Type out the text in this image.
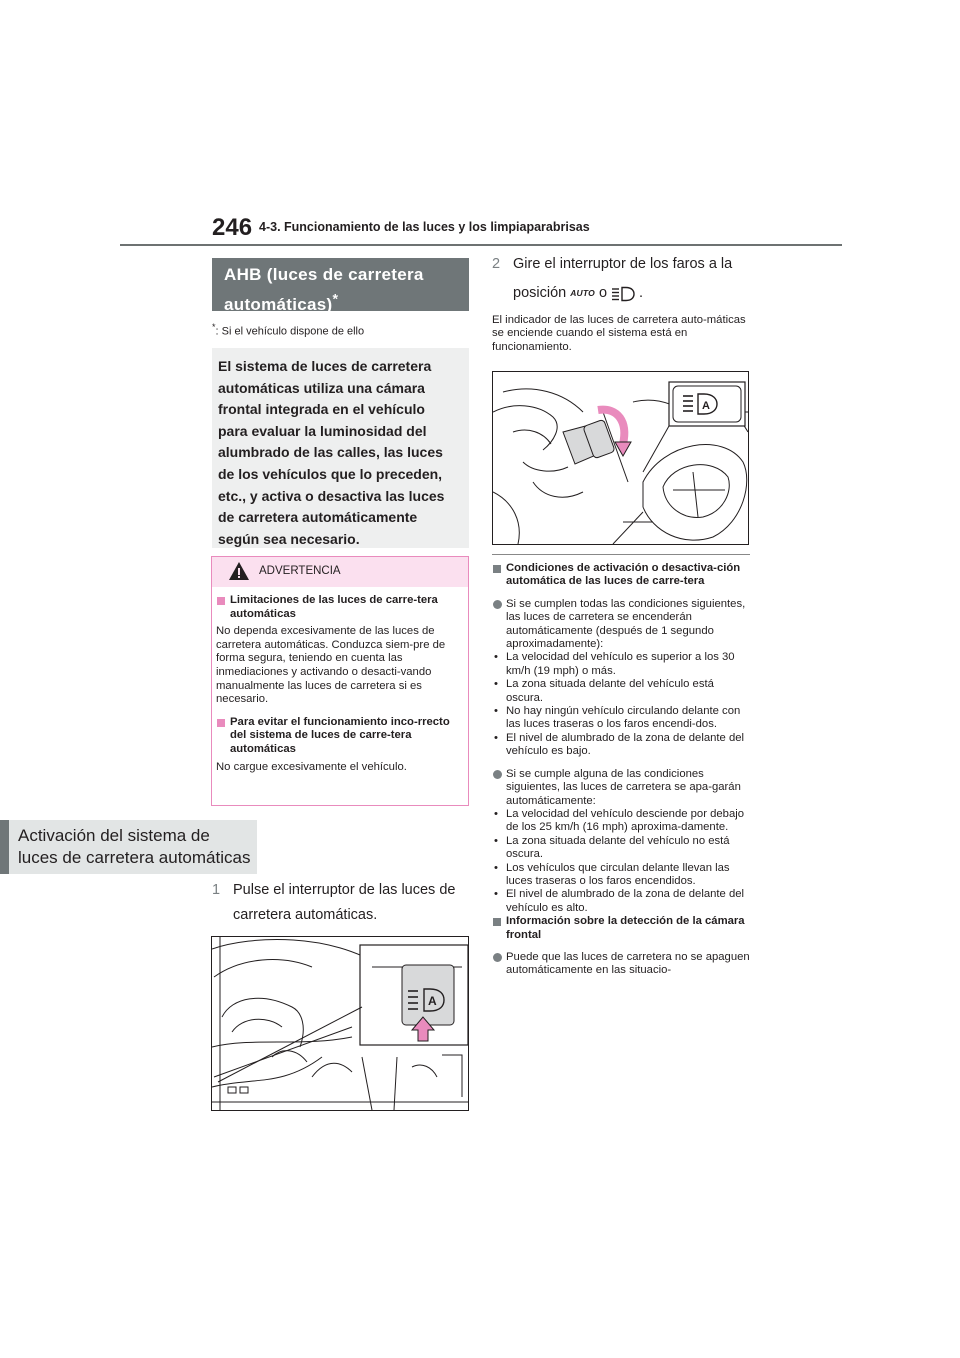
246 4-3. Funcionamiento de las luces y los limpiaparabrisas
AHB (luces de carretera
automáticas)*
*: Si el vehículo dispone de ello
El sistema de luces de carretera
automáticas utiliza una cámara
frontal integrada en el vehículo
para evaluar la luminosidad del
alumbrado de las calles, las luces
de los vehículos que lo preceden,
etc., y activa o desactiva las luces
de carretera automáticamente
según sea necesario.
ADVERTENCIA
Limitaciones de las luces de carre-tera automáticas
No dependa excesivamente de las luces de carretera automáticas. Conduzca siem-pre de forma segura, teniendo en cuenta las inmediaciones y activando o desacti-vando manualmente las luces de carretera si es necesario.
Para evitar el funcionamiento inco-rrecto del sistema de luces de carre-tera automáticas
No cargue excesivamente el vehículo.
Activación del sistema de
luces de carretera automáticas
1 Pulse el interruptor de las luces de
carretera automáticas.
A
2 Gire el interruptor de los faros a la
posición AUTO o .
El indicador de las luces de carretera auto-máticas se enciende cuando el sistema está en funcionamiento.
A
Condiciones de activación o desactiva-ción automática de las luces de carre-tera
Si se cumplen todas las condiciones siguientes, las luces de carretera se encenderán automáticamente (después de 1 segundo aproximadamente):
• La velocidad del vehículo es superior a los 30 km/h (19 mph) o más.
• La zona situada delante del vehículo está oscura.
• No hay ningún vehículo circulando delante con las luces traseras o los faros encendi-dos.
• El nivel de alumbrado de la zona de delante del vehículo es bajo.
Si se cumple alguna de las condiciones siguientes, las luces de carretera se apa-garán automáticamente:
• La velocidad del vehículo desciende por debajo de los 25 km/h (16 mph) aproxima-damente.
• La zona situada delante del vehículo no está oscura.
• Los vehículos que circulan delante llevan las luces traseras o los faros encendidos.
• El nivel de alumbrado de la zona de delante del vehículo es alto.
Información sobre la detección de la cámara frontal
Puede que las luces de carretera no se apaguen automáticamente en las situacio-
